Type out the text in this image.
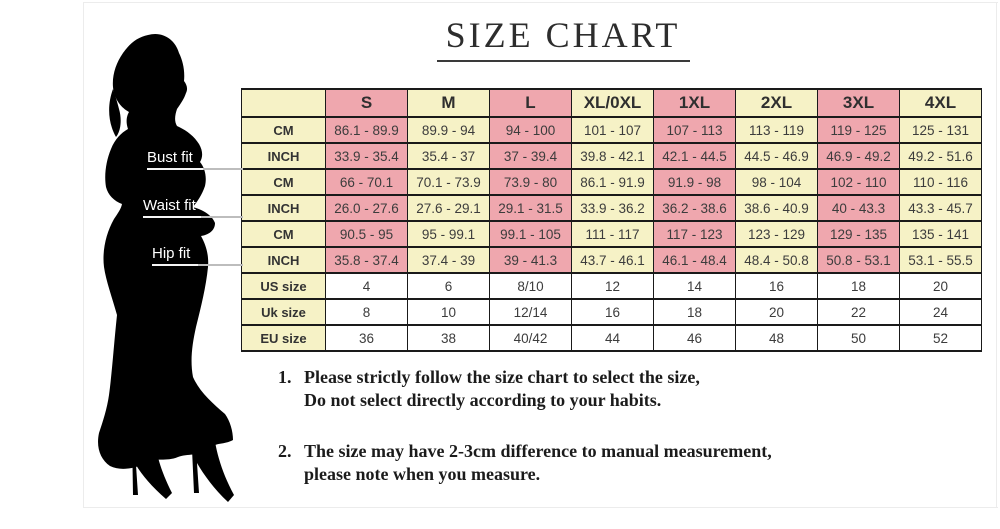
SIZE CHART
Bust fit
Waist fit
Hip fit
	S	M	L	XL/0XL	1XL	2XL	3XL	4XL
CM	86.1 - 89.9	89.9 - 94	94 - 100	101 - 107	107 - 113	113 - 119	119 - 125	125 - 131
INCH	33.9 - 35.4	35.4 - 37	37 - 39.4	39.8 - 42.1	42.1 - 44.5	44.5 - 46.9	46.9 - 49.2	49.2 - 51.6
CM	66 - 70.1	70.1 - 73.9	73.9 - 80	86.1 - 91.9	91.9 - 98	98 - 104	102 - 110	110 - 116
INCH	26.0 - 27.6	27.6 - 29.1	29.1 - 31.5	33.9 - 36.2	36.2 - 38.6	38.6 - 40.9	40 - 43.3	43.3 - 45.7
CM	90.5 - 95	95 - 99.1	99.1 - 105	111 - 117	117 - 123	123 - 129	129 - 135	135 - 141
INCH	35.8 - 37.4	37.4 - 39	39 - 41.3	43.7 - 46.1	46.1 - 48.4	48.4 - 50.8	50.8 - 53.1	53.1 - 55.5
US size	4	6	8/10	12	14	16	18	20
Uk size	8	10	12/14	16	18	20	22	24
EU size	36	38	40/42	44	46	48	50	52
1. Please strictly follow the size chart to select the size,
Do not select directly according to your habits.
2. The size may have 2-3cm difference to manual measurement,
please note when you measure.
